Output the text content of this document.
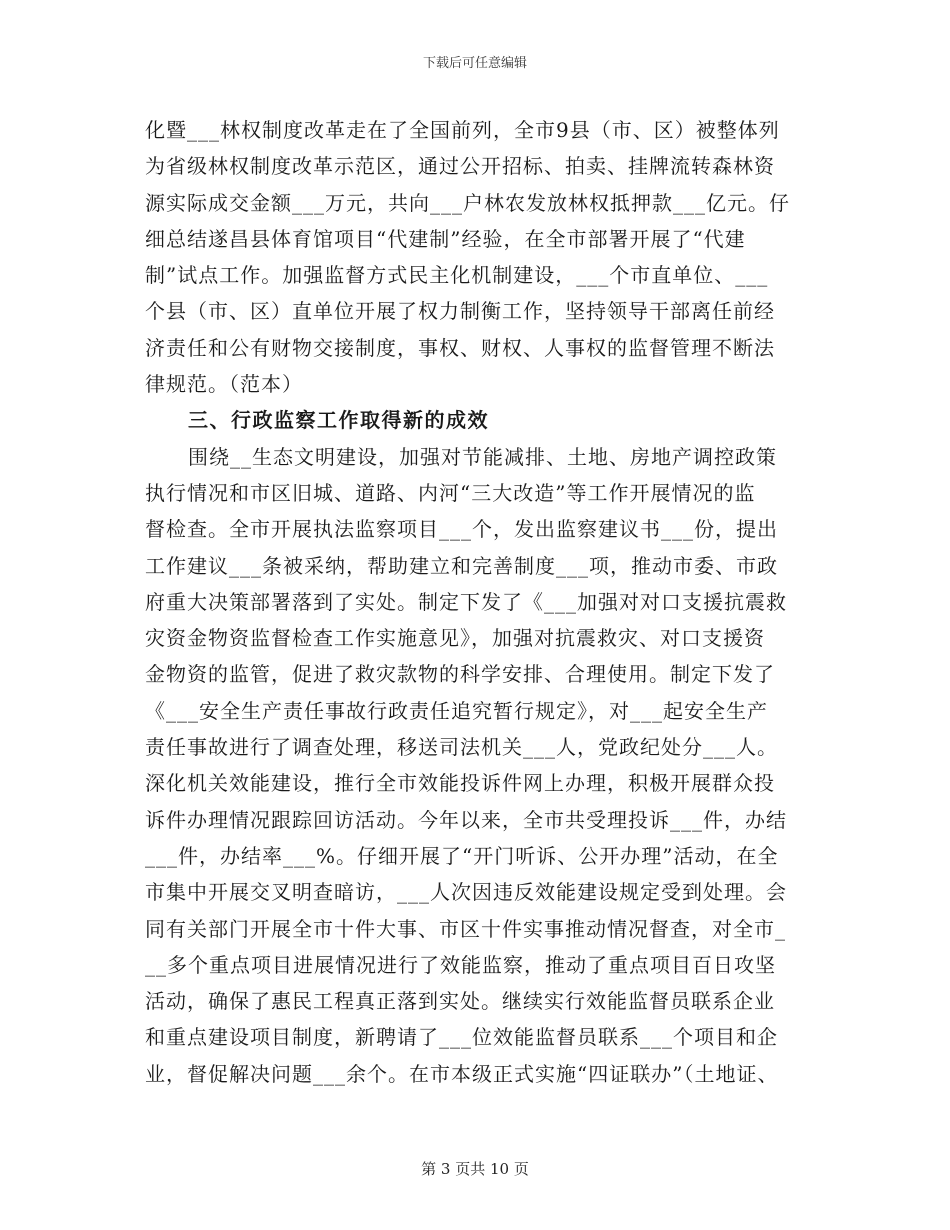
下载后可任意编辑
化暨___林权制度改革走在了全国前列，全市9县（市、区）被整体列
为省级林权制度改革示范区，通过公开招标、拍卖、挂牌流转森林资
源实际成交金额___万元，共向___户林农发放林权抵押款___亿元。仔
细总结遂昌县体育馆项目“代建制”经验，在全市部署开展了“代建
制”试点工作。加强监督方式民主化机制建设，___个市直单位、___
个县（市、区）直单位开展了权力制衡工作，坚持领导干部离任前经
济责任和公有财物交接制度，事权、财权、人事权的监督管理不断法
律规范。（范本）
三、行政监察工作取得新的成效
围绕__生态文明建设，加强对节能减排、土地、房地产调控政策
执行情况和市区旧城、道路、内河“三大改造”等工作开展情况的监
督检查。全市开展执法监察项目___个，发出监察建议书___份，提出
工作建议___条被采纳，帮助建立和完善制度___项，推动市委、市政
府重大决策部署落到了实处。制定下发了《___加强对对口支援抗震救
灾资金物资监督检查工作实施意见》，加强对抗震救灾、对口支援资
金物资的监管，促进了救灾款物的科学安排、合理使用。制定下发了
《___安全生产责任事故行政责任追究暂行规定》，对___起安全生产
责任事故进行了调查处理，移送司法机关___人，党政纪处分___人。
深化机关效能建设，推行全市效能投诉件网上办理，积极开展群众投
诉件办理情况跟踪回访活动。今年以来，全市共受理投诉___件，办结
___件，办结率___%。仔细开展了“开门听诉、公开办理”活动，在全
市集中开展交叉明查暗访，___人次因违反效能建设规定受到处理。会
同有关部门开展全市十件大事、市区十件实事推动情况督查，对全市_
__多个重点项目进展情况进行了效能监察，推动了重点项目百日攻坚
活动，确保了惠民工程真正落到实处。继续实行效能监督员联系企业
和重点建设项目制度，新聘请了___位效能监督员联系___个项目和企
业，督促解决问题___余个。在市本级正式实施“四证联办”（土地证、
第 3 页共 10 页
